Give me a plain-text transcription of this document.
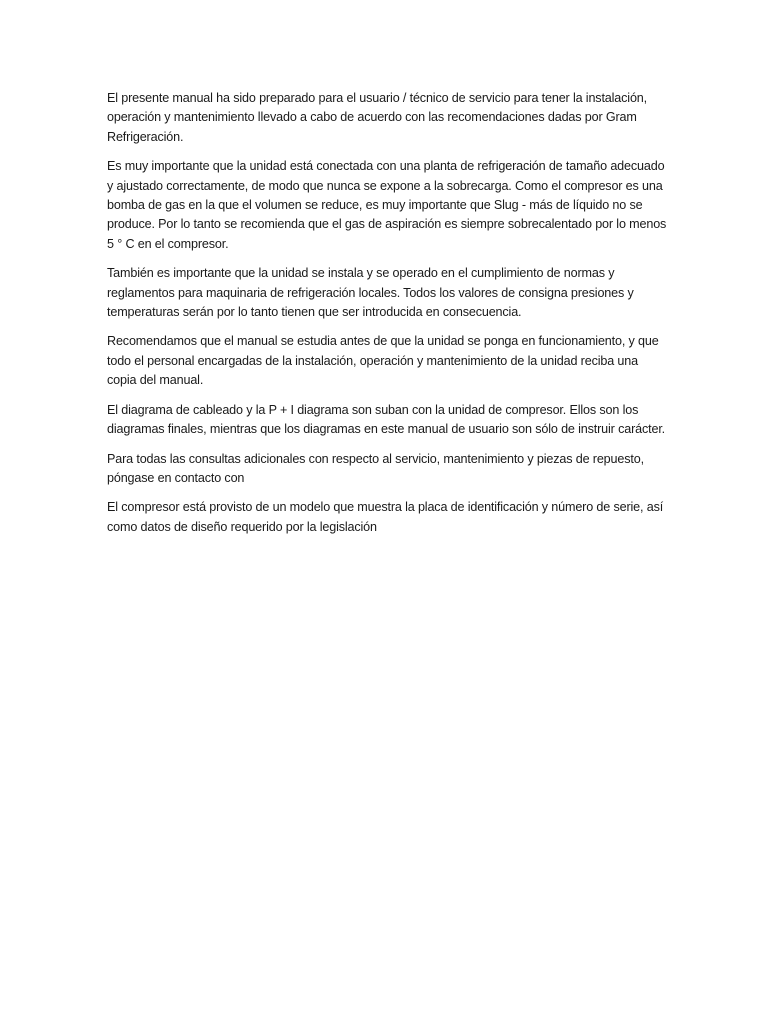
El presente manual ha sido preparado para el usuario / técnico de servicio para tener la instalación, operación y mantenimiento llevado a cabo de acuerdo con las recomendaciones dadas por Gram Refrigeración.

Es muy importante que la unidad está conectada con una planta de refrigeración de tamaño adecuado y ajustado correctamente, de modo que nunca se expone a la sobrecarga. Como el compresor es una bomba de gas en la que el volumen se reduce, es muy importante que Slug - más de líquido no se produce. Por lo tanto se recomienda que el gas de aspiración es siempre sobrecalentado por lo menos 5 ° C en el compresor.

También es importante que la unidad se instala y se operado en el cumplimiento de normas y reglamentos para maquinaria de refrigeración locales. Todos los valores de consigna presiones y temperaturas serán por lo tanto tienen que ser introducida en consecuencia.

Recomendamos que el manual se estudia antes de que la unidad se ponga en funcionamiento, y que todo el personal encargadas de la instalación, operación y mantenimiento de la unidad reciba una copia del manual.

El diagrama de cableado y la P + I diagrama son suban con la unidad de compresor. Ellos son los diagramas finales, mientras que los diagramas en este manual de usuario son sólo de instruir carácter.

Para todas las consultas adicionales con respecto al servicio, mantenimiento y piezas de repuesto, póngase en contacto con

El compresor está provisto de un modelo que muestra la placa de identificación y número de serie, así como datos de diseño requerido por la legislación
